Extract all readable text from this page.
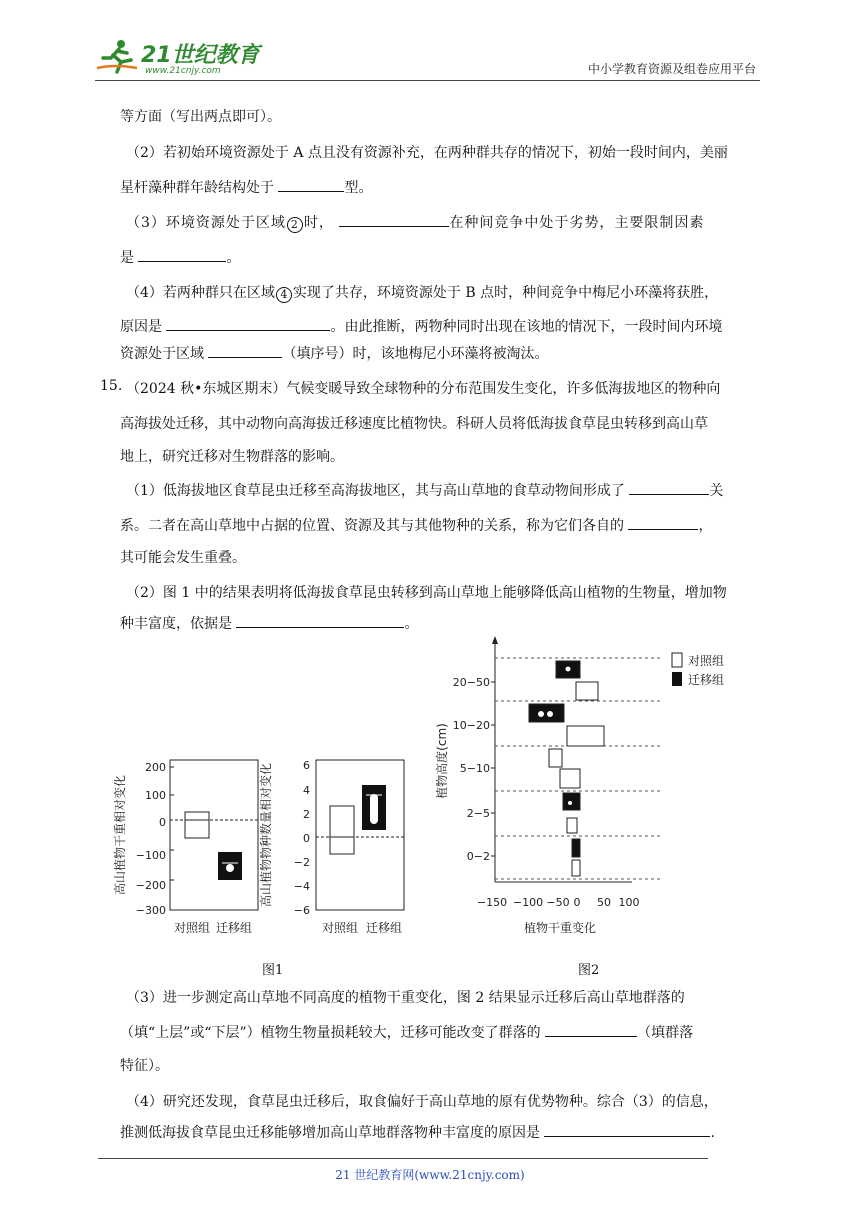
21世纪教育
www.21cnjy.com	中小学教育资源及组卷应用平台
等方面（写出两点即可）。
（2）若初始环境资源处于 A 点且没有资源补充，在两种群共存的情况下，初始一段时间内，美丽
星杆藻种群年龄结构处于	型。
（3）环境资源处于区域 2 时，	在种间竞争中处于劣势，主要限制因素
是	。
（4）若两种群只在区域 4 实现了共存，环境资源处于 B 点时，种间竞争中梅尼小环藻将获胜，
原因是	。由此推断，两物种同时出现在该地的情况下，一段时间内环境
资源处于区域	（填序号）时，该地梅尼小环藻将被淘汰。
15. （2024 秋•东城区期末）气候变暖导致全球物种的分布范围发生变化，许多低海拔地区的物种向
高海拔处迁移，其中动物向高海拔迁移速度比植物快。科研人员将低海拔食草昆虫转移到高山草
地上，研究迁移对生物群落的影响。
（1）低海拔地区食草昆虫迁移至高海拔地区，其与高山草地的食草动物间形成了	关
系。二者在高山草地中占据的位置、资源及其与其他物种的关系，称为它们各自的	，
其可能会发生重叠。
（2）图 1 中的结果表明将低海拔食草昆虫转移到高山草地上能够降低高山植物的生物量，增加物
种丰富度，依据是	。
200
100
0
−100
−200
−300
高山植物干重相对变化
对照组 迁移组
6
4
2
0
−2
−4
−6
高山植物物种数量相对变化
对照组 迁移组
图1
20−50
10−20
5−10
2−5
0−2
−150 −100 −50 0 50 100
植物高度(cm)
植物干重变化
对照组
迁移组
图2
（3）进一步测定高山草地不同高度的植物干重变化，图 2 结果显示迁移后高山草地群落的
（填“上层”或“下层”）植物生物量损耗较大，迁移可能改变了群落的	（填群落
特征）。
（4）研究还发现，食草昆虫迁移后，取食偏好于高山草地的原有优势物种。综合（3）的信息，
推测低海拔食草昆虫迁移能够增加高山草地群落物种丰富度的原因是	.
21 世纪教育网(www.21cnjy.com)
